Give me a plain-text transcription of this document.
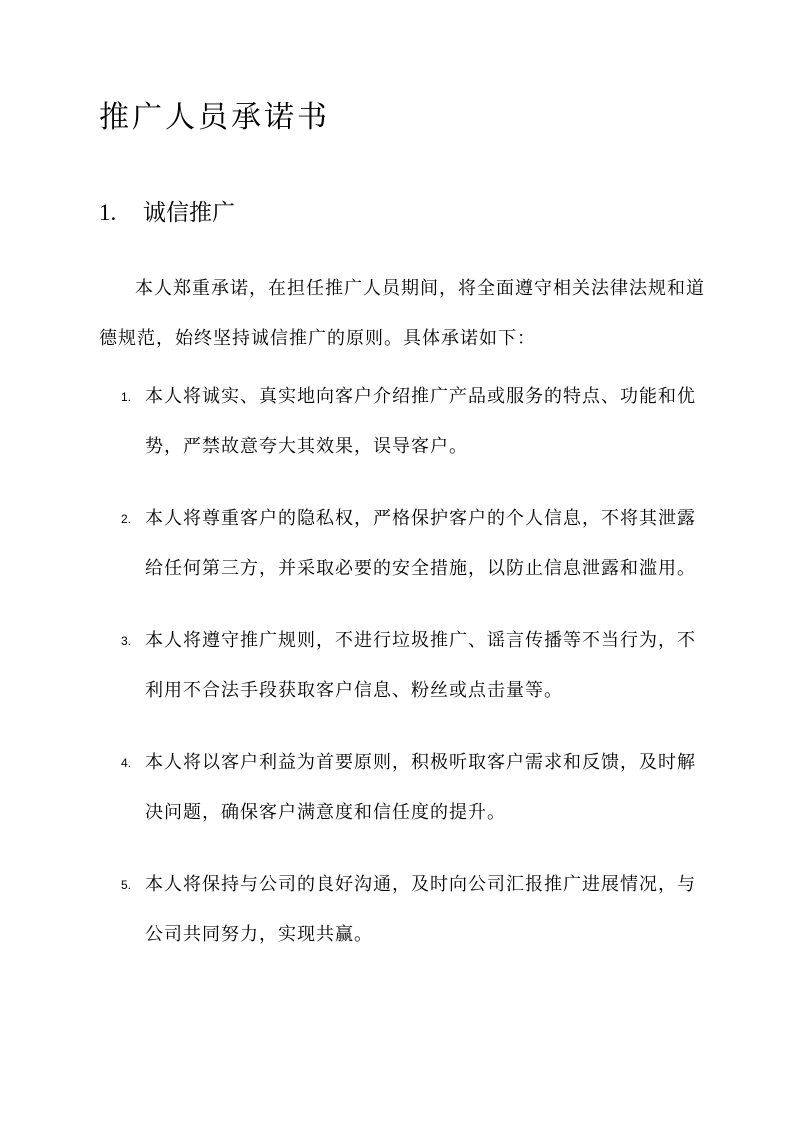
推广人员承诺书
1. 诚信推广

本人郑重承诺，在担任推广人员期间，将全面遵守相关法律法规和道德规范，始终坚持诚信推广的原则。具体承诺如下：

1. 本人将诚实、真实地向客户介绍推广产品或服务的特点、功能和优势，严禁故意夸大其效果，误导客户。
2. 本人将尊重客户的隐私权，严格保护客户的个人信息，不将其泄露给任何第三方，并采取必要的安全措施，以防止信息泄露和滥用。
3. 本人将遵守推广规则，不进行垃圾推广、谣言传播等不当行为，不利用不合法手段获取客户信息、粉丝或点击量等。
4. 本人将以客户利益为首要原则，积极听取客户需求和反馈，及时解决问题，确保客户满意度和信任度的提升。
5. 本人将保持与公司的良好沟通，及时向公司汇报推广进展情况，与公司共同努力，实现共赢。
